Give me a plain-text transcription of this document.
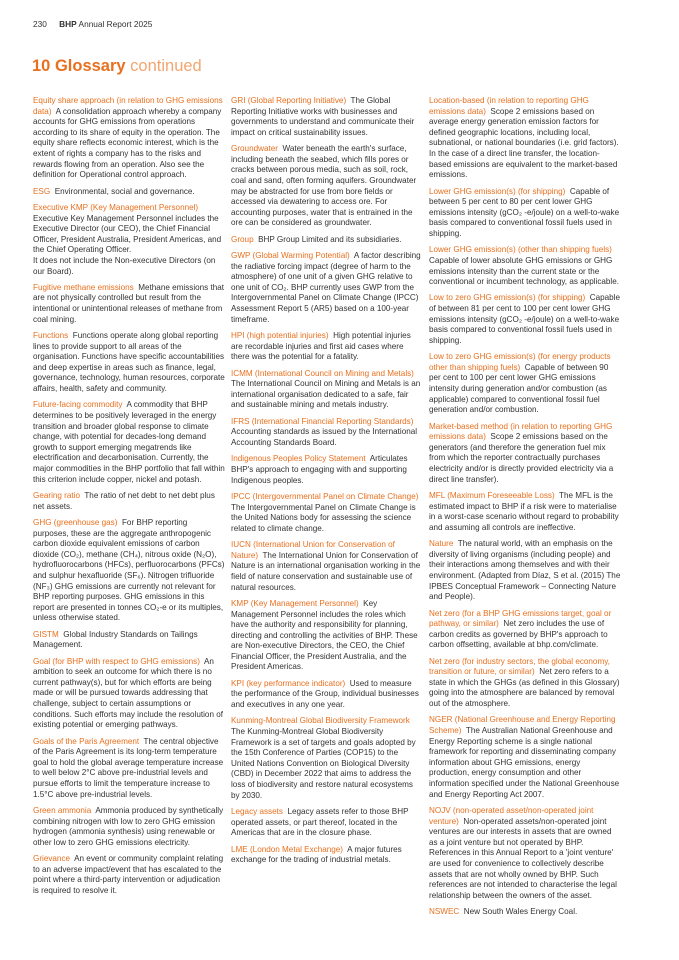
230 BHP Annual Report 2025
10 Glossary continued
Equity share approach (in relation to GHG emissions data) A consolidation approach whereby a company accounts for GHG emissions from operations according to its share of equity in the operation. The equity share reflects economic interest, which is the extent of rights a company has to the risks and rewards flowing from an operation. Also see the definition for Operational control approach.
ESG Environmental, social and governance.
Executive KMP (Key Management Personnel)  Executive Key Management Personnel includes the Executive Director (our CEO), the Chief Financial Officer, President Australia, President Americas, and the Chief Operating Officer.
It does not include the Non-executive Directors (on our Board).
Fugitive methane emissions Methane emissions that are not physically controlled but result from the intentional or unintentional releases of methane from coal mining.
Functions Functions operate along global reporting lines to provide support to all areas of the organisation. Functions have specific accountabilities and deep expertise in areas such as finance, legal, governance, technology, human resources, corporate affairs, health, safety and community.
Future-facing commodity A commodity that BHP determines to be positively leveraged in the energy transition and broader global response to climate change, with potential for decades-long demand growth to support emerging megatrends like electrification and decarbonisation. Currently, the major commodities in the BHP portfolio that fall within this criterion include copper, nickel and potash.
Gearing ratio The ratio of net debt to net debt plus net assets.
GHG (greenhouse gas) For BHP reporting purposes, these are the aggregate anthropogenic carbon dioxide equivalent emissions of carbon dioxide (CO₂), methane (CH₄), nitrous oxide (N₂O), hydrofluorocarbons (HFCs), perfluorocarbons (PFCs) and sulphur hexafluoride (SF₆). Nitrogen trifluoride (NF₃) GHG emissions are currently not relevant for BHP reporting purposes. GHG emissions in this report are presented in tonnes CO₂-e or its multiples, unless otherwise stated.
GISTM Global Industry Standards on Tailings Management.
Goal (for BHP with respect to GHG emissions) An ambition to seek an outcome for which there is no current pathway(s), but for which efforts are being made or will be pursued towards addressing that challenge, subject to certain assumptions or conditions. Such efforts may include the resolution of existing potential or emerging pathways.
Goals of the Paris Agreement The central objective of the Paris Agreement is its long-term temperature goal to hold the global average temperature increase to well below 2°C above pre-industrial levels and pursue efforts to limit the temperature increase to 1.5°C above pre-industrial levels.
Green ammonia Ammonia produced by synthetically combining nitrogen with low to zero GHG emission hydrogen (ammonia synthesis) using renewable or other low to zero GHG emissions electricity.
Grievance An event or community complaint relating to an adverse impact/event that has escalated to the point where a third-party intervention or adjudication is required to resolve it.
GRI (Global Reporting Initiative) The Global Reporting Initiative works with businesses and governments to understand and communicate their impact on critical sustainability issues.
Groundwater Water beneath the earth's surface, including beneath the seabed, which fills pores or cracks between porous media, such as soil, rock, coal and sand, often forming aquifers. Groundwater may be abstracted for use from bore fields or accessed via dewatering to access ore. For accounting purposes, water that is entrained in the ore can be considered as groundwater.
Group BHP Group Limited and its subsidiaries.
GWP (Global Warming Potential) A factor describing the radiative forcing impact (degree of harm to the atmosphere) of one unit of a given GHG relative to one unit of CO₂. BHP currently uses GWP from the Intergovernmental Panel on Climate Change (IPCC) Assessment Report 5 (AR5) based on a 100-year timeframe.
HPI (high potential injuries) High potential injuries are recordable injuries and first aid cases where there was the potential for a fatality.
ICMM (International Council on Mining and Metals)  The International Council on Mining and Metals is an international organisation dedicated to a safe, fair and sustainable mining and metals industry.
IFRS (International Financial Reporting Standards)  Accounting standards as issued by the International Accounting Standards Board.
Indigenous Peoples Policy Statement Articulates BHP's approach to engaging with and supporting Indigenous peoples.
IPCC (Intergovernmental Panel on Climate Change)  The Intergovernmental Panel on Climate Change is the United Nations body for assessing the science related to climate change.
IUCN (International Union for Conservation of Nature) The International Union for Conservation of Nature is an international organisation working in the field of nature conservation and sustainable use of natural resources.
KMP (Key Management Personnel) Key Management Personnel includes the roles which have the authority and responsibility for planning, directing and controlling the activities of BHP. These are Non-executive Directors, the CEO, the Chief Financial Officer, the President Australia, and the President Americas.
KPI (key performance indicator) Used to measure the performance of the Group, individual businesses and executives in any one year.
Kunming-Montreal Global Biodiversity Framework  The Kunming-Montreal Global Biodiversity Framework is a set of targets and goals adopted by the 15th Conference of Parties (COP15) to the United Nations Convention on Biological Diversity (CBD) in December 2022 that aims to address the loss of biodiversity and restore natural ecosystems by 2030.
Legacy assets Legacy assets refer to those BHP operated assets, or part thereof, located in the Americas that are in the closure phase.
LME (London Metal Exchange) A major futures exchange for the trading of industrial metals.
Location-based (in relation to reporting GHG emissions data) Scope 2 emissions based on average energy generation emission factors for defined geographic locations, including local, subnational, or national boundaries (i.e. grid factors). In the case of a direct line transfer, the location-based emissions are equivalent to the market-based emissions.
Lower GHG emission(s) (for shipping) Capable of between 5 per cent to 80 per cent lower GHG emissions intensity (gCO₂ -e/joule) on a well-to-wake basis compared to conventional fossil fuels used in shipping.
Lower GHG emission(s) (other than shipping fuels)  Capable of lower absolute GHG emissions or GHG emissions intensity than the current state or the conventional or incumbent technology, as applicable.
Low to zero GHG emission(s) (for shipping) Capable of between 81 per cent to 100 per cent lower GHG emissions intensity (gCO₂ -e/joule) on a well-to-wake basis compared to conventional fossil fuels used in shipping.
Low to zero GHG emission(s) (for energy products other than shipping fuels) Capable of between 90 per cent to 100 per cent lower GHG emissions intensity during generation and/or combustion (as applicable) compared to conventional fossil fuel generation and/or combustion.
Market-based method (in relation to reporting GHG emissions data) Scope 2 emissions based on the generators (and therefore the generation fuel mix from which the reporter contractually purchases electricity and/or is directly provided electricity via a direct line transfer).
MFL (Maximum Foreseeable Loss) The MFL is the estimated impact to BHP if a risk were to materialise in a worst-case scenario without regard to probability and assuming all controls are ineffective.
Nature The natural world, with an emphasis on the diversity of living organisms (including people) and their interactions among themselves and with their environment. (Adapted from Díaz, S et al. (2015) The IPBES Conceptual Framework – Connecting Nature and People).
Net zero (for a BHP GHG emissions target, goal or pathway, or similar) Net zero includes the use of carbon credits as governed by BHP's approach to carbon offsetting, available at bhp.com/climate.
Net zero (for industry sectors, the global economy, transition or future, or similar) Net zero refers to a state in which the GHGs (as defined in this Glossary) going into the atmosphere are balanced by removal out of the atmosphere.
NGER (National Greenhouse and Energy Reporting Scheme) The Australian National Greenhouse and Energy Reporting scheme is a single national framework for reporting and disseminating company information about GHG emissions, energy production, energy consumption and other information specified under the National Greenhouse and Energy Reporting Act 2007.
NOJV (non-operated asset/non-operated joint venture) Non-operated assets/non-operated joint ventures are our interests in assets that are owned as a joint venture but not operated by BHP. References in this Annual Report to a 'joint venture' are used for convenience to collectively describe assets that are not wholly owned by BHP. Such references are not intended to characterise the legal relationship between the owners of the asset.
NSWEC New South Wales Energy Coal.
